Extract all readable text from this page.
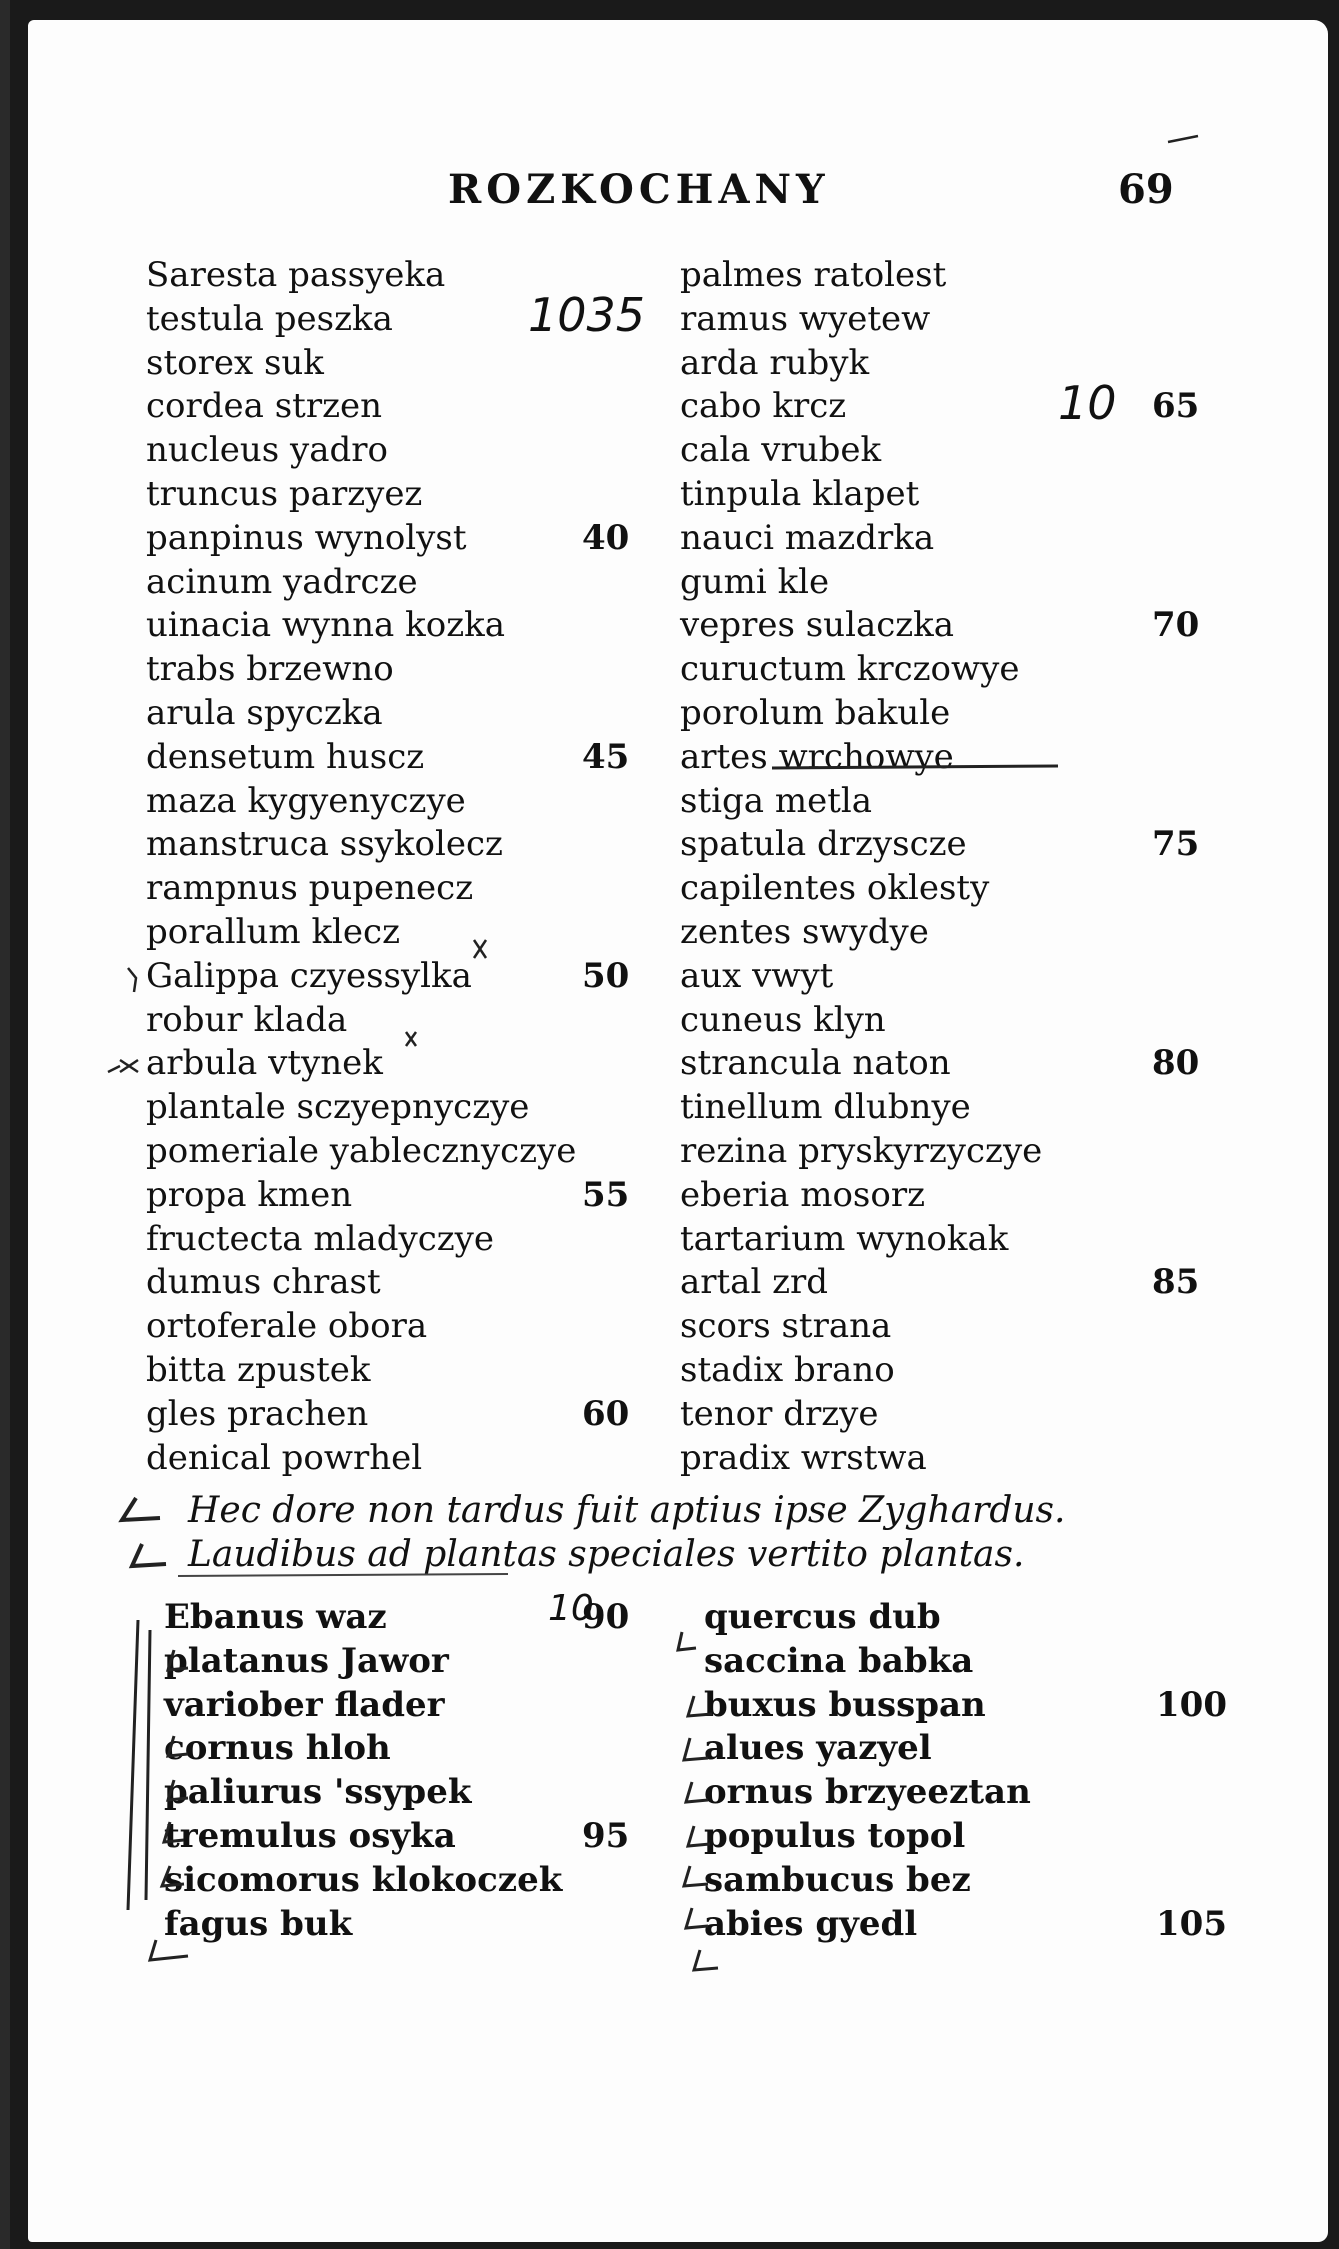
ROZKOCHANY	69
Saresta passyeka
testula peszka
storex suk
cordea strzen
nucleus yadro
truncus parzyez
panpinus wynolyst	40
acinum yadrcze
uinacia wynna kozka
trabs brzewno
arula spyczka
densetum huscz	45
maza kygyenyczye
manstruca ssykolecz
rampnus pupenecz
porallum klecz
Galippa czyessylka	50
robur klada
arbula vtynek
plantale sczyepnyczye
pomeriale yablecznyczye
propa kmen	55
fructecta mladyczye
dumus chrast
ortoferale obora
bitta zpustek
gles prachen	60
denical powrhel
palmes ratolest
ramus wyetew
arda rubyk
cabo krcz	65
cala vrubek
tinpula klapet
nauci mazdrka
gumi kle
vepres sulaczka	70
cuructum krczowye
porolum bakule
artes wrchowye
stiga metla
spatula drzyscze	75
capilentes oklesty
zentes swydye
aux vwyt
cuneus klyn
strancula naton	80
tinellum dlubnye
rezina pryskyrzyczye
eberia mosorz
tartarium wynokak
artal zrd	85
scors strana
stadix brano
tenor drzye
pradix wrstwa
Hec dore non tardus fuit aptius ipse Zyghardus.
Laudibus ad plantas speciales vertito plantas.
Ebanus waz	90
platanus Jawor
variober flader
cornus hloh
paliurus 'ssypek
tremulus osyka	95
sicomorus klokoczek
fagus buk
quercus dub
saccina babka
buxus busspan	100
alues yazyel
ornus brzyeeztan
populus topol
sambucus bez
abies gyedl	105
1035
10
10
